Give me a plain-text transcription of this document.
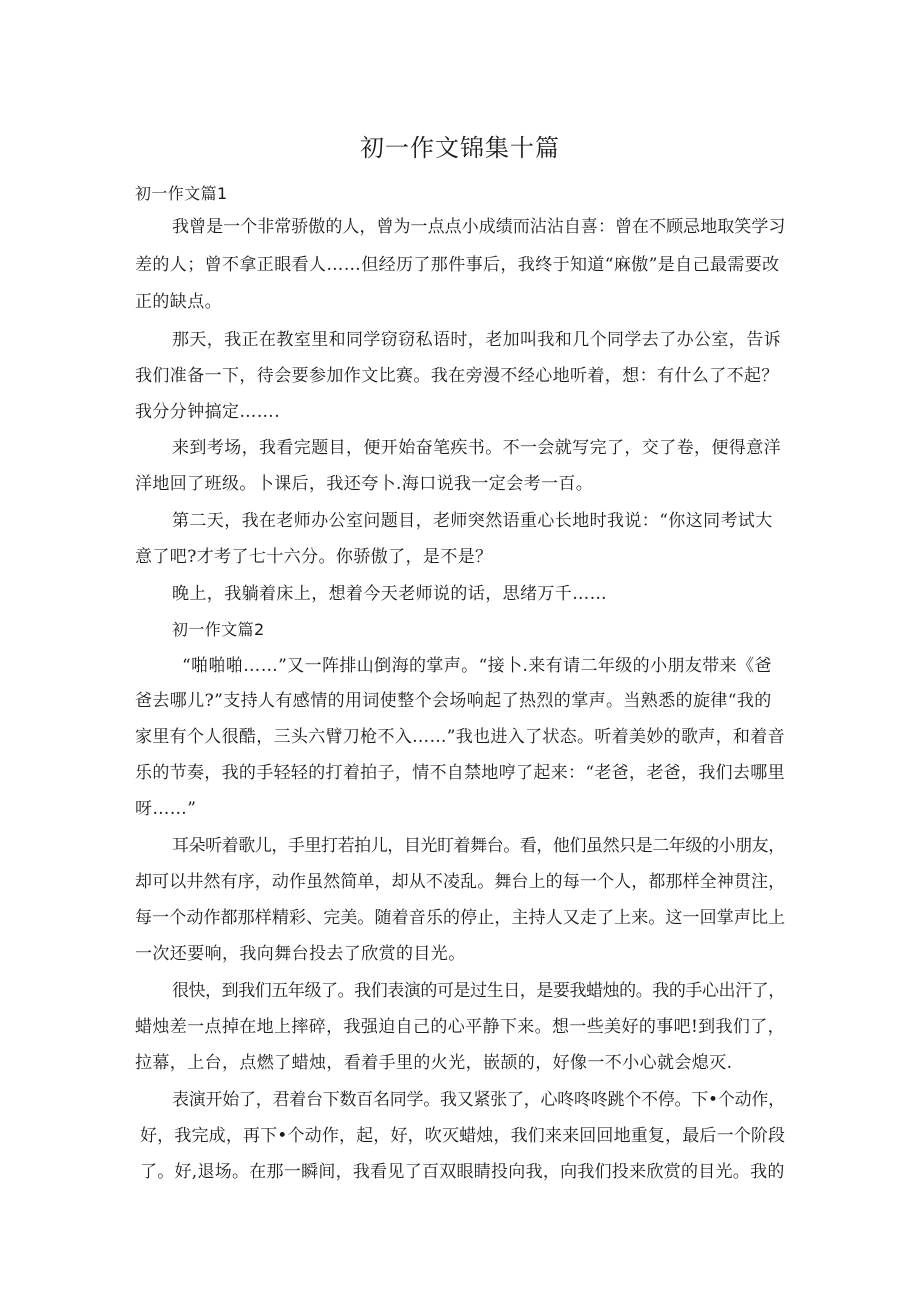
初一作文锦集十篇

初一作文篇1

我曾是一个非常骄傲的人，曾为一点点小成绩而沾沾自喜：曾在不顾忌地取笑学习

差的人；曾不拿正眼看人……但经历了那件事后，我终于知道“麻傲”是自己最需要改

正的缺点。

那天，我正在教室里和同学窃窃私语时，老加叫我和几个同学去了办公室，告诉

我们准备一下，待会要参加作文比赛。我在旁漫不经心地听着，想：有什么了不起？

我分分钟搞定…….

来到考场，我看完题目，便开始奋笔疾书。不一会就写完了，交了卷，便得意洋

洋地回了班级。卜课后，我还夸卜.海口说我一定会考一百。

第二天，我在老师办公室问题目，老师突然语重心长地时我说：“你这同考试大

意了吧?才考了七十六分。你骄傲了，是不是？

晚上，我躺着床上，想着今天老师说的话，思绪万千……

初一作文篇2

“啪啪啪……”又一阵排山倒海的掌声。“接卜.来有请二年级的小朋友带来《爸

爸去哪儿?”支持人有感情的用词使整个会场响起了热烈的掌声。当熟悉的旋律“我的

家里有个人很酷，三头六臂刀枪不入……”我也进入了状态。听着美妙的歌声，和着音

乐的节奏，我的手轻轻的打着拍子，情不自禁地哼了起来：“老爸，老爸，我们去哪里

呀……”

耳朵听着歌儿，手里打若拍儿，目光盯着舞台。看，他们虽然只是二年级的小朋友，

却可以井然有序，动作虽然简单，却从不凌乱。舞台上的每一个人，都那样全神贯注，

每一个动作都那样精彩、完美。随着音乐的停止，主持人又走了上来。这一回掌声比上

一次还要响，我向舞台投去了欣赏的目光。

很快，到我们五年级了。我们表演的可是过生日，是要我蜡烛的。我的手心出汗了，

蜡烛差一点掉在地上摔碎，我强迫自己的心平静下来。想一些美好的事吧!到我们了，

拉幕，上台，点燃了蜡烛，看着手里的火光，嵌颉的，好像一不小心就会熄灭.

表演开始了，君着台下数百名同学。我又紧张了，心咚咚咚跳个不停。下•个动作，

好，我完成，再下•个动作，起，好，吹灭蜡烛，我们来来回回地重复，最后一个阶段

了。好,退场。在那一瞬间，我看见了百双眼睛投向我，向我们投来欣赏的目光。我的
